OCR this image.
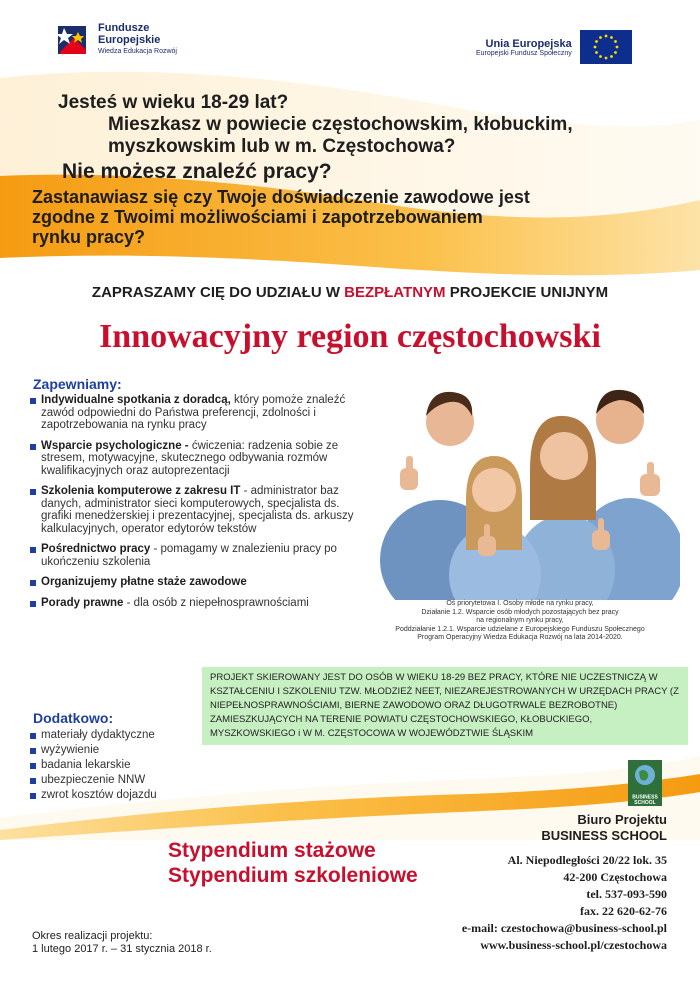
Fundusze
Europejskie
Wiedza Edukacja Rozwój
Unia Europejska
Europejski Fundusz Społeczny
Jesteś w wieku 18-29 lat?
Mieszkasz w powiecie częstochowskim, kłobuckim, myszkowskim lub w m. Częstochowa?
Nie możesz znaleźć pracy?
Zastanawiasz się czy Twoje doświadczenie zawodowe jest zgodne z Twoimi możliwościami i zapotrzebowaniem rynku pracy?
ZAPRASZAMY CIĘ DO UDZIAŁU W BEZPŁATNYM PROJEKCIE UNIJNYM
Innowacyjny region częstochowski
Zapewniamy:
Indywidualne spotkania z doradcą, który pomoże znaleźć zawód odpowiedni do Państwa preferencji, zdolności i zapotrzebowania na rynku pracy
Wsparcie psychologiczne - ćwiczenia: radzenia sobie ze stresem, motywacyjne, skutecznego odbywania rozmów kwalifikacyjnych oraz autoprezentacji
Szkolenia komputerowe z zakresu IT - administrator baz danych, administrator sieci komputerowych, specjalista ds. grafiki menedżerskiej i prezentacyjnej, specjalista ds. arkuszy kalkulacyjnych, operator edytorów tekstów
Pośrednictwo pracy - pomagamy w znalezieniu pracy po ukończeniu szkolenia
Organizujemy płatne staże zawodowe
Porady prawne - dla osób z niepełnosprawnościami	Oś priorytetowa I. Osoby młode na rynku pracy,
Działanie 1.2. Wsparcie osób młodych pozostających bez pracy
na regionalnym rynku pracy,
Poddziałanie 1.2.1. Wsparcie udzielane z Europejskiego Funduszu Społecznego
Program Operacyjny Wiedza Edukacja Rozwój na lata 2014-2020.
PROJEKT SKIEROWANY JEST DO OSÓB W WIEKU 18-29 BEZ PRACY, KTÓRE NIE UCZESTNICZĄ W KSZTAŁCENIU I SZKOLENIU TZW. MŁODZIEŻ NEET, NIEZAREJESTROWANYCH W URZĘDACH PRACY (Z NIEPEŁNOSPRAWNOŚCIAMI, BIERNE ZAWODOWO ORAZ DŁUGOTRWALE BEZROBOTNE) ZAMIESZKUJĄCYCH NA TERENIE POWIATU CZĘSTOCHOWSKIEGO, KŁOBUCKIEGO, MYSZKOWSKIEGO i W M. CZĘSTOCOWA W WOJEWÓDZTWIE ŚLĄSKIM
Dodatkowo:
materiały dydaktyczne
wyżywienie
badania lekarskie
ubezpieczenie NNW
zwrot kosztów dojazdu	BUSINESS
SCHOOL
Stypendium stażowe
Stypendium szkoleniowe
Biuro Projektu
BUSINESS SCHOOL
Al. Niepodległości 20/22 lok. 35
42-200 Częstochowa
tel. 537-093-590
fax. 22 620-62-76
e-mail: czestochowa@business-school.pl
www.business-school.pl/czestochowa
Okres realizacji projektu:
1 lutego 2017 r. – 31 stycznia 2018 r.
